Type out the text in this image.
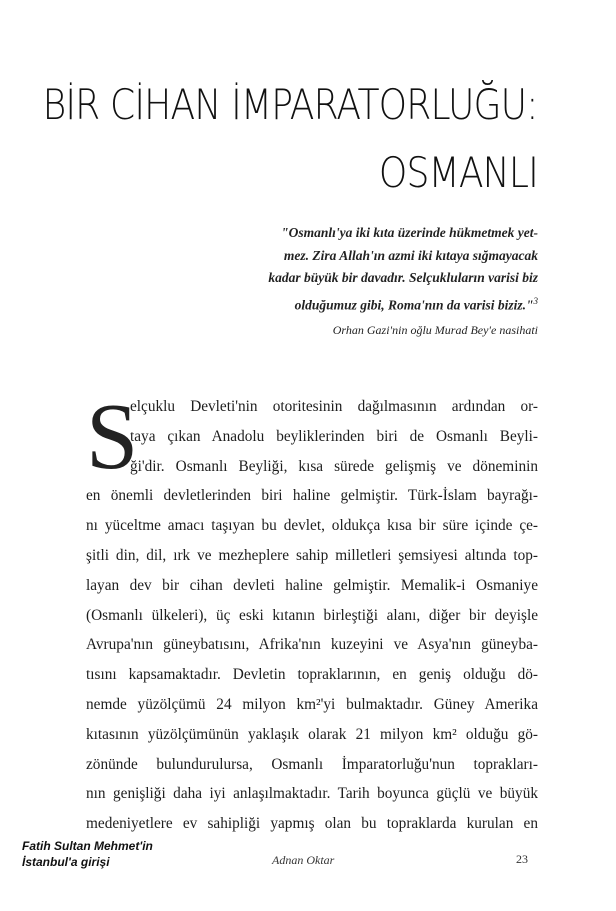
BİR CİHAN İMPARATORLUĞU:
OSMANLI
"Osmanlı'ya iki kıta üzerinde hükmetmek yet-
mez. Zira Allah'ın azmi iki kıtaya sığmayacak
kadar büyük bir davadır. Selçukluların varisi biz
olduğumuz gibi, Roma'nın da varisi biziz."$^3$
Orhan Gazi'nin oğlu Murad Bey'e nasihati
S
elçuklu Devleti'nin otoritesinin dağılmasının ardından or-
taya çıkan Anadolu beyliklerinden biri de Osmanlı Beyli-
ği'dir. Osmanlı Beyliği, kısa sürede gelişmiş ve döneminin
en önemli devletlerinden biri haline gelmiştir. Türk-İslam bayrağı-
nı yüceltme amacı taşıyan bu devlet, oldukça kısa bir süre içinde çe-
şitli din, dil, ırk ve mezheplere sahip milletleri şemsiyesi altında top-
layan dev bir cihan devleti haline gelmiştir. Memalik-i Osmaniye
(Osmanlı ülkeleri), üç eski kıtanın birleştiği alanı, diğer bir deyişle
Avrupa'nın güneybatısını, Afrika'nın kuzeyini ve Asya'nın güneyba-
tısını kapsamaktadır. Devletin topraklarının, en geniş olduğu dö-
nemde yüzölçümü 24 milyon km²'yi bulmaktadır. Güney Amerika
kıtasının yüzölçümünün yaklaşık olarak 21 milyon km² olduğu gö-
zönünde bulundurulursa, Osmanlı İmparatorluğu'nun toprakları-
nın genişliği daha iyi anlaşılmaktadır. Tarih boyunca güçlü ve büyük
medeniyetlere ev sahipliği yapmış olan bu topraklarda kurulan en
Fatih Sultan Mehmet'in
İstanbul'a girişi	Adnan Oktar	23
